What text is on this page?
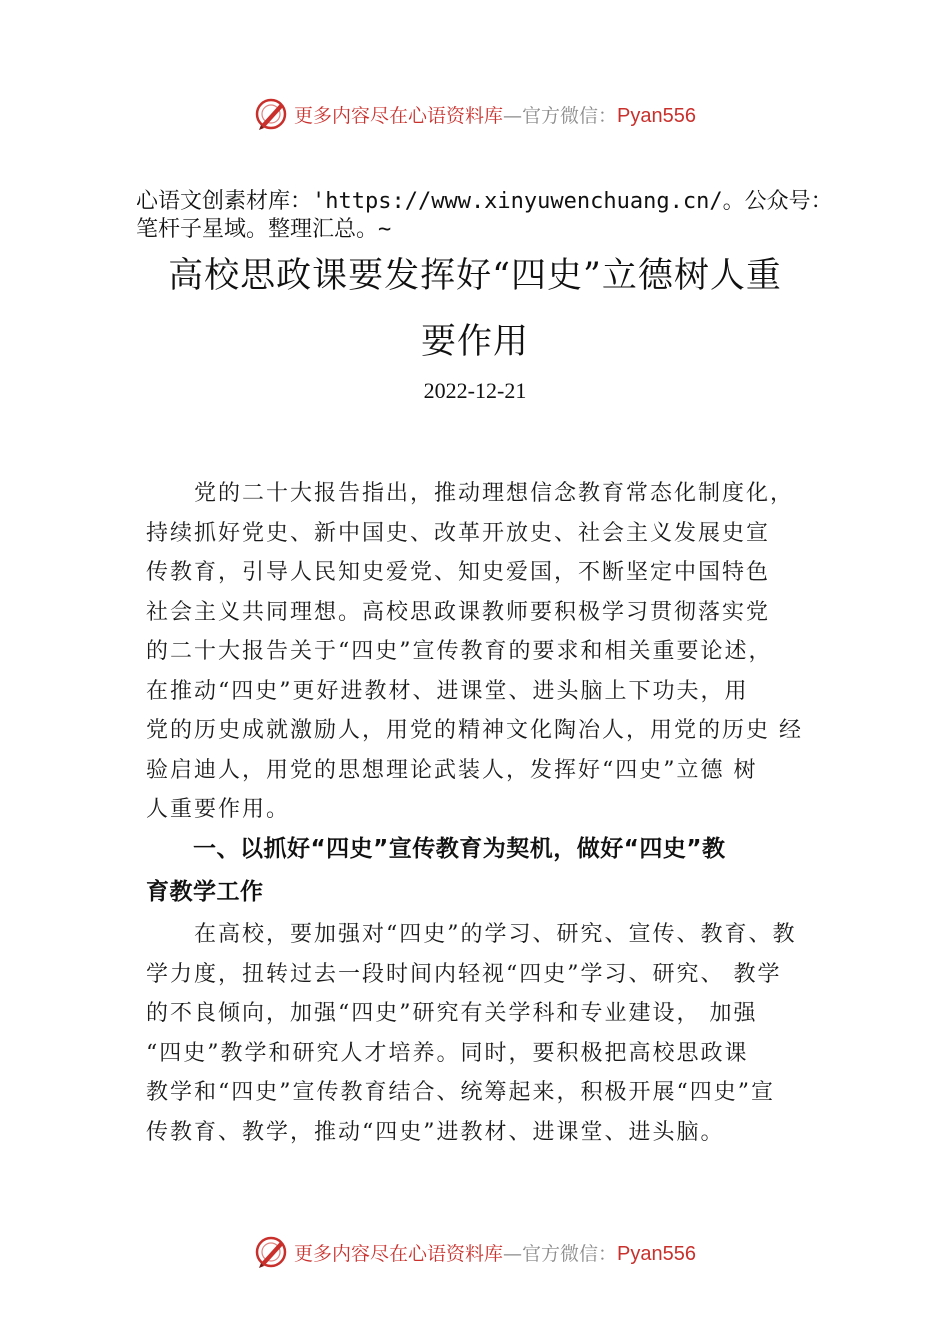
更多内容尽在心语资料库—官方微信：Pyan556
心语文创素材库：'https://www.xinyuwenchuang.cn/。公众号：
笔杆子星域。整理汇总。~
高校思政课要发挥好“四史”立德树人重
要作用
2022-12-21
　　党的二十大报告指出，推动理想信念教育常态化制度化，
持续抓好党史、新中国史、改革开放史、社会主义发展史宣
传教育，引导人民知史爱党、知史爱国，不断坚定中国特色
社会主义共同理想。高校思政课教师要积极学习贯彻落实党
的二十大报告关于“四史”宣传教育的要求和相关重要论述，
在推动“四史”更好进教材、进课堂、进头脑上下功夫，用
党的历史成就激励人，用党的精神文化陶冶人，用党的历史 经
验启迪人，用党的思想理论武装人，发挥好“四史”立德 树
人重要作用。
　　一、以抓好“四史”宣传教育为契机，做好“四史”教
育教学工作
　　在高校，要加强对“四史”的学习、研究、宣传、教育、教
学力度，扭转过去一段时间内轻视“四史”学习、研究、 教学
的不良倾向，加强“四史”研究有关学科和专业建设， 加强
“四史”教学和研究人才培养。同时，要积极把高校思政课
教学和“四史”宣传教育结合、统筹起来，积极开展“四史”宣
传教育、教学，推动“四史”进教材、进课堂、进头脑。
更多内容尽在心语资料库—官方微信：Pyan556
